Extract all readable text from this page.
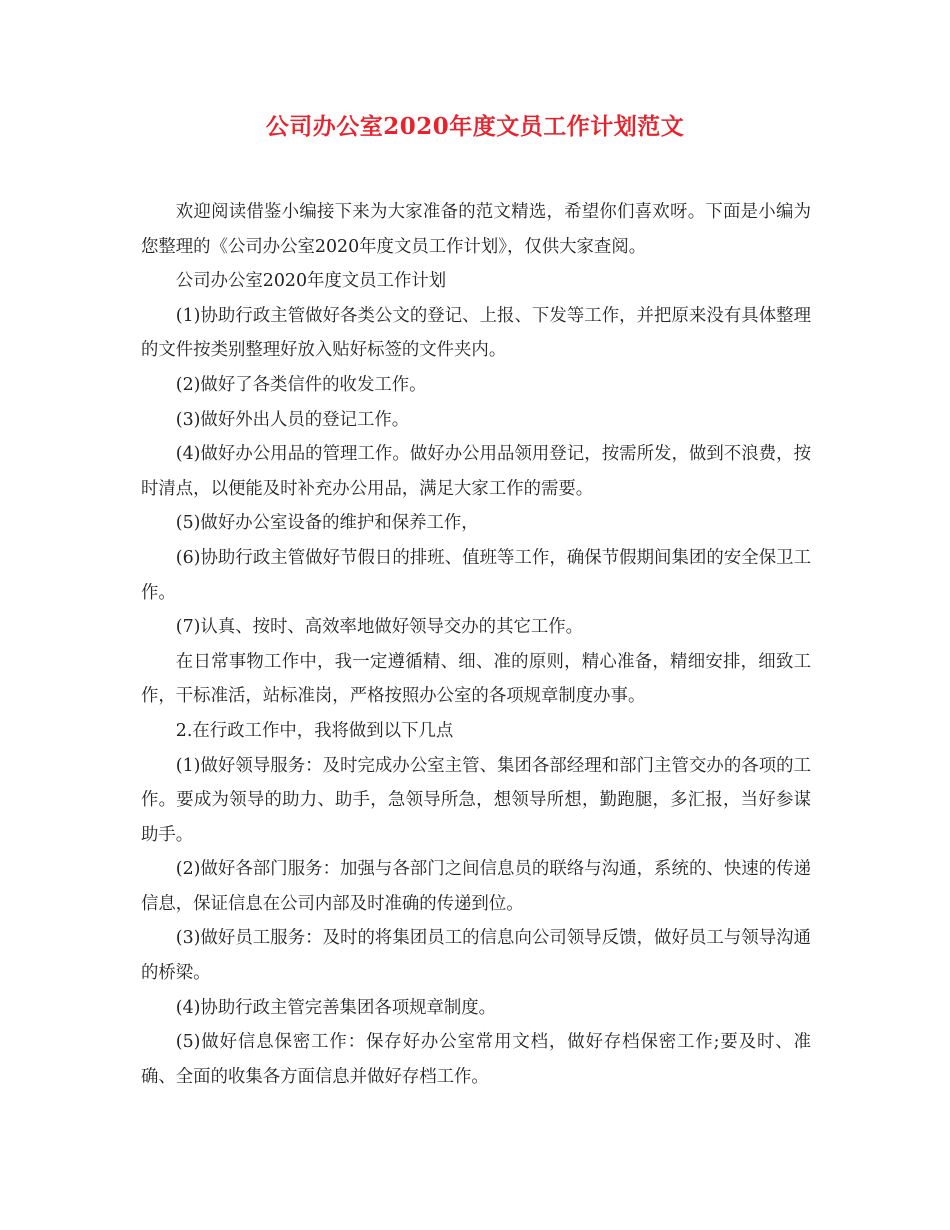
公司办公室2020年度文员工作计划范文

欢迎阅读借鉴小编接下来为大家准备的范文精选，希望你们喜欢呀。下面是小编为您整理的《公司办公室2020年度文员工作计划》，仅供大家查阅。

公司办公室2020年度文员工作计划

(1)协助行政主管做好各类公文的登记、上报、下发等工作，并把原来没有具体整理的文件按类别整理好放入贴好标签的文件夹内。

(2)做好了各类信件的收发工作。

(3)做好外出人员的登记工作。

(4)做好办公用品的管理工作。做好办公用品领用登记，按需所发，做到不浪费，按时清点，以便能及时补充办公用品，满足大家工作的需要。

(5)做好办公室设备的维护和保养工作，

(6)协助行政主管做好节假日的排班、值班等工作，确保节假期间集团的安全保卫工作。

(7)认真、按时、高效率地做好领导交办的其它工作。

在日常事物工作中，我一定遵循精、细、准的原则，精心准备，精细安排，细致工作，干标准活，站标准岗，严格按照办公室的各项规章制度办事。

2.在行政工作中，我将做到以下几点

(1)做好领导服务：及时完成办公室主管、集团各部经理和部门主管交办的各项的工作。要成为领导的助力、助手，急领导所急，想领导所想，勤跑腿，多汇报，当好参谋助手。

(2)做好各部门服务：加强与各部门之间信息员的联络与沟通，系统的、快速的传递信息，保证信息在公司内部及时准确的传递到位。

(3)做好员工服务：及时的将集团员工的信息向公司领导反馈，做好员工与领导沟通的桥梁。

(4)协助行政主管完善集团各项规章制度。

(5)做好信息保密工作：保存好办公室常用文档，做好存档保密工作;要及时、准确、全面的收集各方面信息并做好存档工作。
